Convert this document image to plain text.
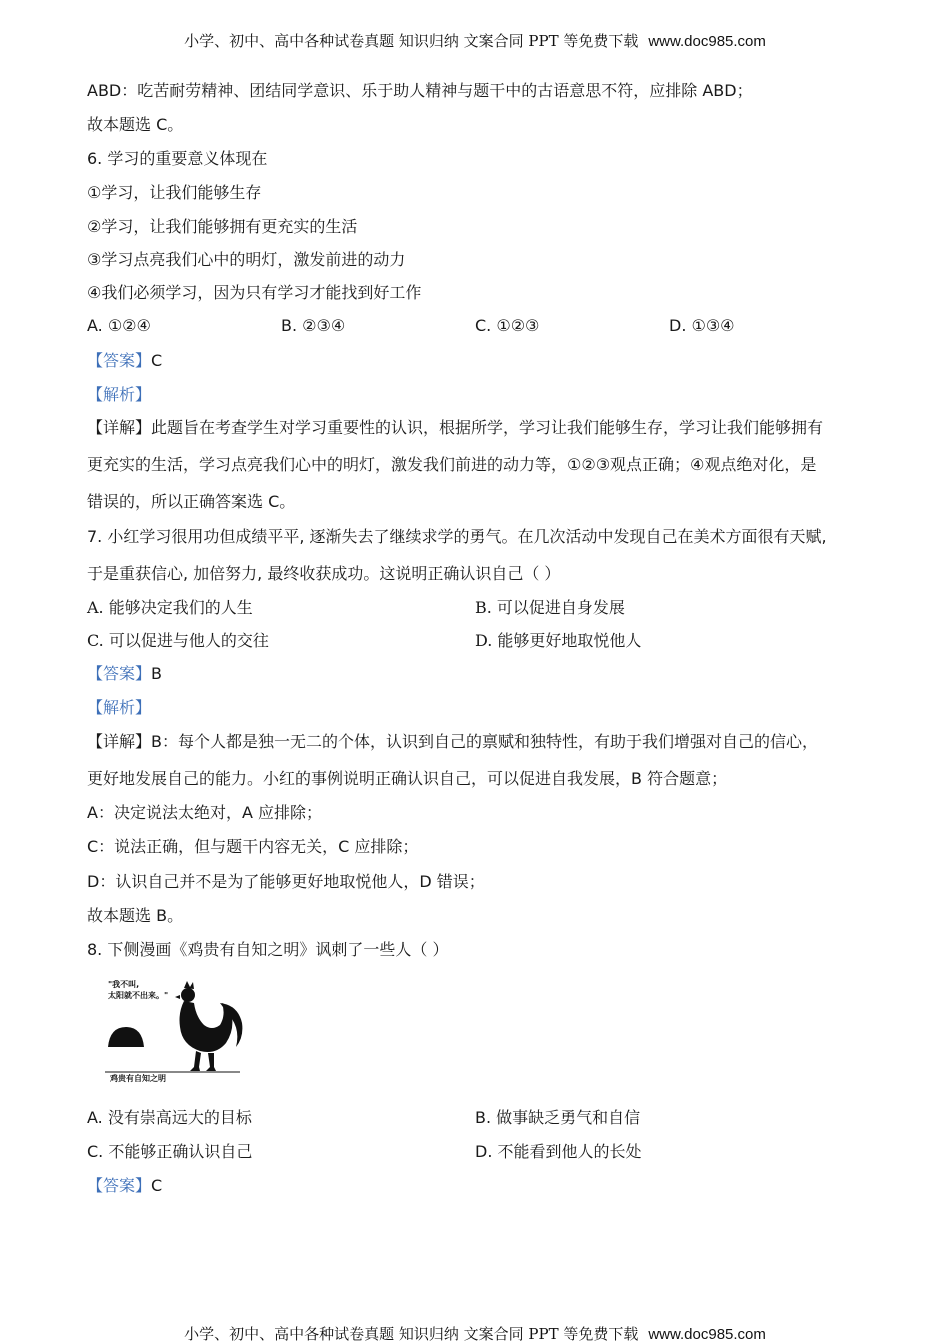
小学、初中、高中各种试卷真题 知识归纳 文案合同 PPT 等免费下载 www.doc985.com
ABD：吃苦耐劳精神、团结同学意识、乐于助人精神与题干中的古语意思不符，应排除 ABD；
故本题选 C。
6. 学习的重要意义体现在
①学习，让我们能够生存
②学习，让我们能够拥有更充实的生活
③学习点亮我们心中的明灯，激发前进的动力
④我们必须学习，因为只有学习才能找到好工作
A. ①②④	B. ②③④	C. ①②③	D. ①③④
【答案】C
【解析】
【详解】此题旨在考查学生对学习重要性的认识，根据所学，学习让我们能够生存，学习让我们能够拥有
更充实的生活，学习点亮我们心中的明灯，激发我们前进的动力等，①②③观点正确；④观点绝对化，是
错误的，所以正确答案选 C。
7. 小红学习很用功但成绩平平, 逐渐失去了继续求学的勇气。在几次活动中发现自己在美术方面很有天赋,
于是重获信心, 加倍努力, 最终收获成功。这说明正确认识自己（ ）
A. 能够决定我们的人生	B. 可以促进自身发展
C. 可以促进与他人的交往	D. 能够更好地取悦他人
【答案】B
【解析】
【详解】B：每个人都是独一无二的个体，认识到自己的禀赋和独特性，有助于我们增强对自己的信心，
更好地发展自己的能力。小红的事例说明正确认识自己，可以促进自我发展，B 符合题意；
A：决定说法太绝对，A 应排除；
C：说法正确，但与题干内容无关，C 应排除；
D：认识自己并不是为了能够更好地取悦他人，D 错误；
故本题选 B。
8. 下侧漫画《鸡贵有自知之明》讽刺了一些人（ ）
"我不叫,
太阳就不出来。"
鸡贵有自知之明
A. 没有崇高远大的目标	B. 做事缺乏勇气和自信
C. 不能够正确认识自己	D. 不能看到他人的长处
【答案】C
小学、初中、高中各种试卷真题 知识归纳 文案合同 PPT 等免费下载 www.doc985.com
